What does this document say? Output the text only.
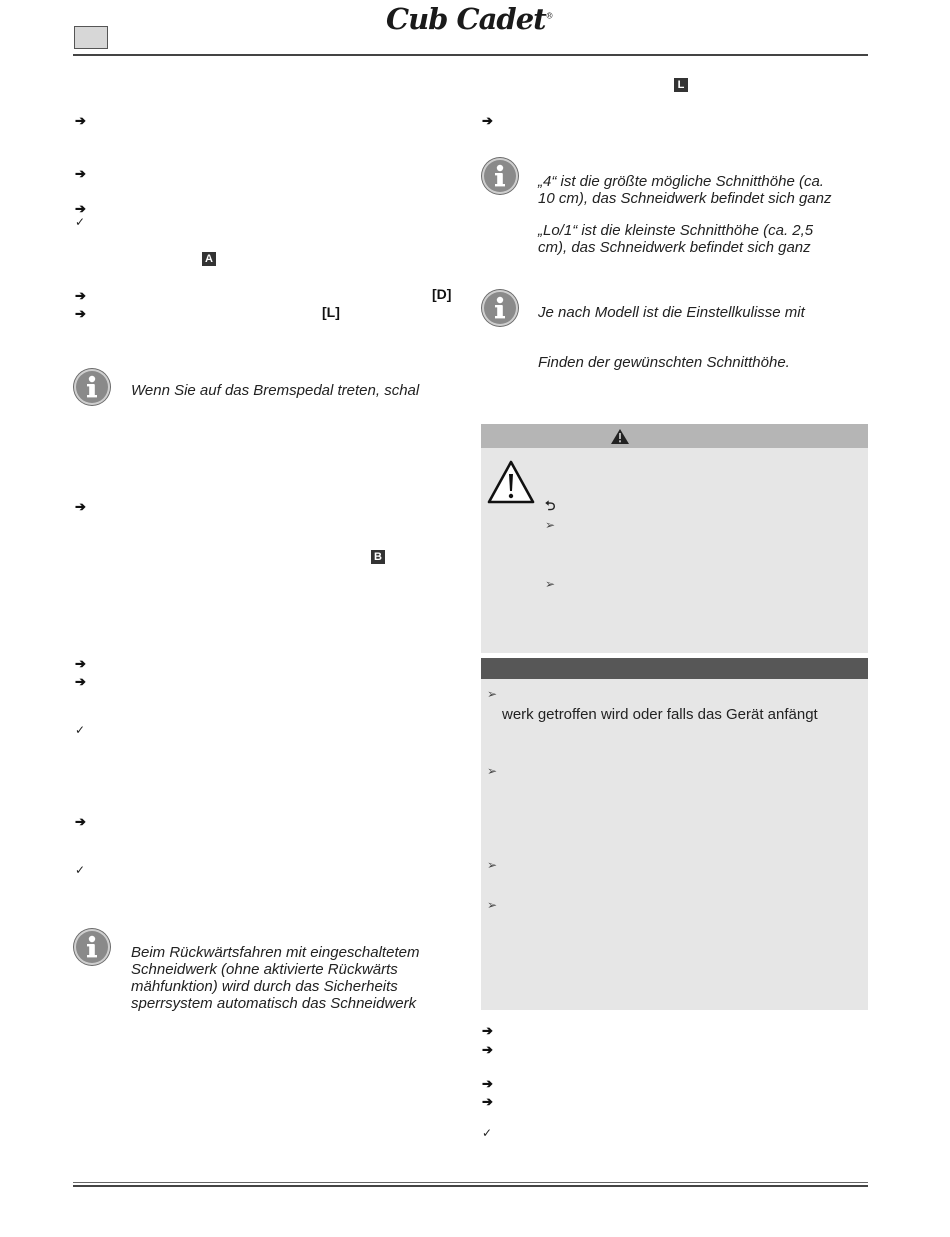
Cub Cadet®
➔
➔
➔
✓
A
➔	[D]
➔	[L]
Wenn Sie auf das Bremspedal treten, schal
➔
B
➔
➔
✓
➔
✓
Beim Rückwärtsfahren mit eingeschaltetem
Schneidwerk (ohne aktivierte Rückwärts
mähfunktion) wird durch das Sicherheits
sperrsystem automatisch das Schneidwerk
L
➔
„4“ ist die größte mögliche Schnitthöhe (ca.
10 cm), das Schneidwerk befindet sich ganz
„Lo/1“ ist die kleinste Schnitthöhe (ca. 2,5
cm), das Schneidwerk befindet sich ganz
Je nach Modell ist die Einstellkulisse mit
Finden der gewünschten Schnitthöhe.
⮌
➢
➢
➢
werk getroffen wird oder falls das Gerät anfängt
➢
➢
➢
➔
➔
➔
➔
✓
